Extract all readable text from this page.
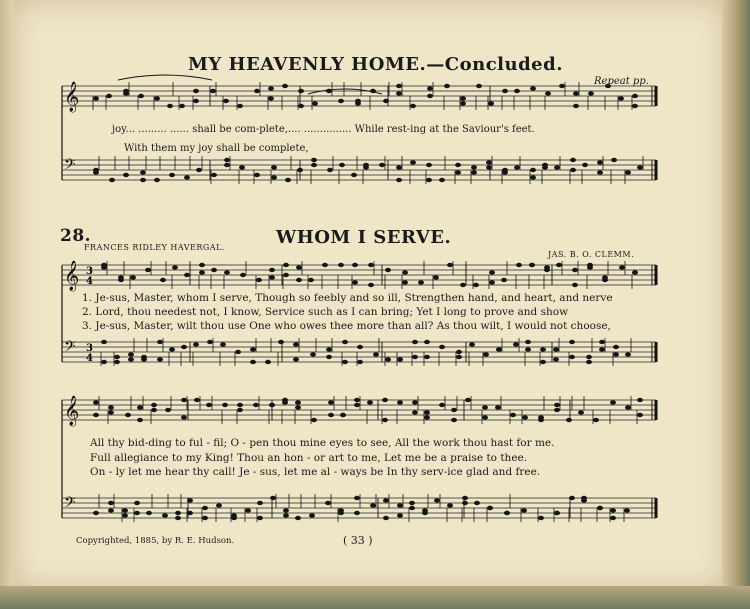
𝄞
𝄢
𝄞
𝄢
𝄞
𝄢
3
4
3
4
MY HEAVENLY HOME.—Concluded.
Repeat pp.
joy... ......... ...... shall be com-plete,.... ............... While rest-ing at the Saviour's feet.
With them my joy shall be complete,
28.	WHOM I SERVE.
FRANCES RIDLEY HAVERGAL.
JAS. B. O. CLEMM.
1. Je-sus, Master, whom I serve, Though so feebly and so ill, Strengthen hand, and heart, and nerve
2. Lord, thou needest not, I know, Service such as I can bring; Yet I long to prove and show
3. Je-sus, Master, wilt thou use One who owes thee more than all? As thou wilt, I would not choose,
All thy bid-ding to ful - fil; O - pen thou mine eyes to see, All the work thou hast for me.
Full allegiance to my King! Thou an hon - or art to me, Let me be a praise to thee.
On - ly let me hear thy call! Je - sus, let me al - ways be In thy serv-ice glad and free.
Copyrighted, 1885, by R. E. Hudson.	( 33 )
